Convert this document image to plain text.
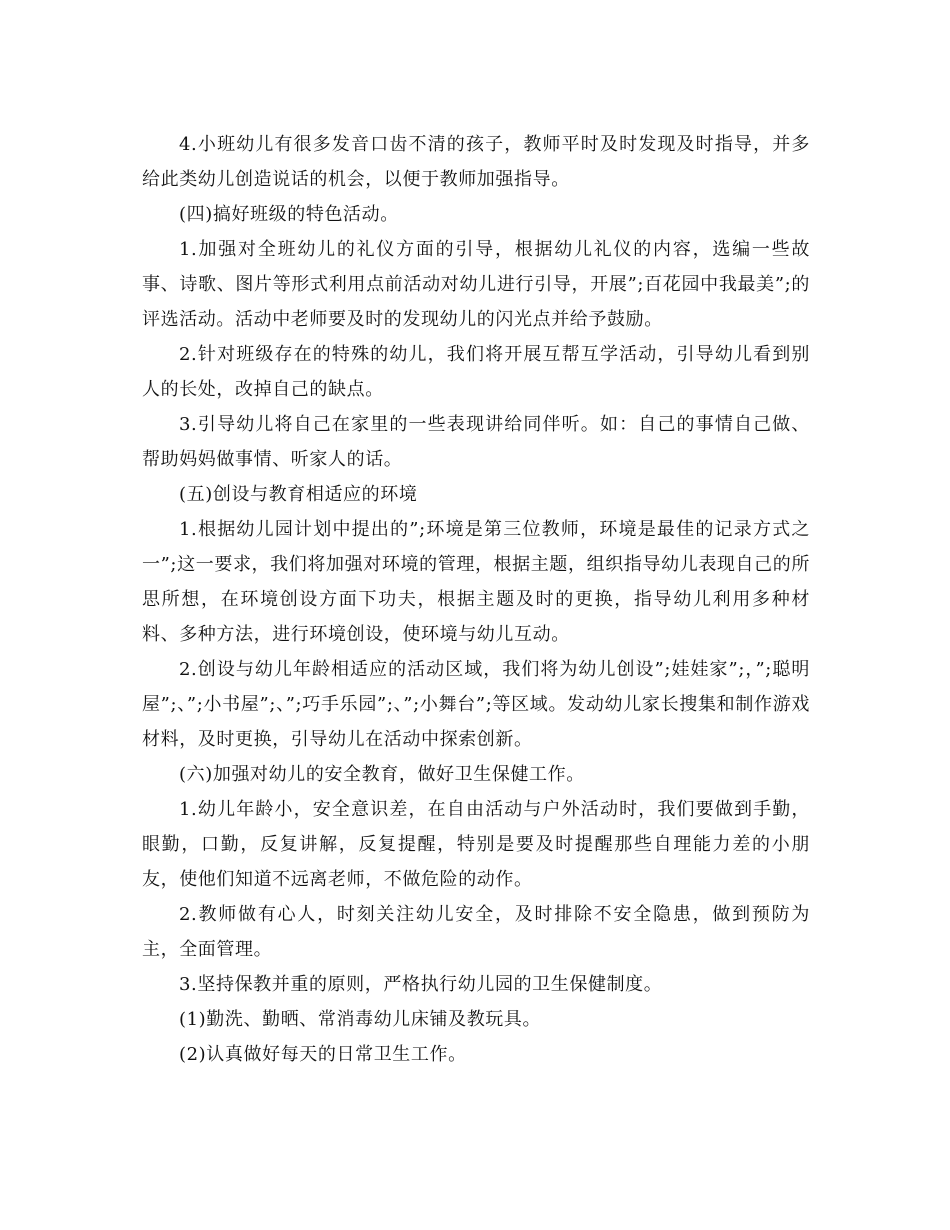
4.小班幼儿有很多发音口齿不清的孩子，教师平时及时发现及时指导，并多给此类幼儿创造说话的机会，以便于教师加强指导。

(四)搞好班级的特色活动。

1.加强对全班幼儿的礼仪方面的引导，根据幼儿礼仪的内容，选编一些故事、诗歌、图片等形式利用点前活动对幼儿进行引导，开展”;百花园中我最美”;的评选活动。活动中老师要及时的发现幼儿的闪光点并给予鼓励。

2.针对班级存在的特殊的幼儿，我们将开展互帮互学活动，引导幼儿看到别人的长处，改掉自己的缺点。

3.引导幼儿将自己在家里的一些表现讲给同伴听。如：自己的事情自己做、帮助妈妈做事情、听家人的话。

(五)创设与教育相适应的环境

1.根据幼儿园计划中提出的”;环境是第三位教师，环境是最佳的记录方式之一”;这一要求，我们将加强对环境的管理，根据主题，组织指导幼儿表现自己的所思所想，在环境创设方面下功夫，根据主题及时的更换，指导幼儿利用多种材料、多种方法，进行环境创设，使环境与幼儿互动。

2.创设与幼儿年龄相适应的活动区域，我们将为幼儿创设”;娃娃家”;，”;聪明屋”;、”;小书屋”;、”;巧手乐园”;、”;小舞台”;等区域。发动幼儿家长搜集和制作游戏材料，及时更换，引导幼儿在活动中探索创新。

(六)加强对幼儿的安全教育，做好卫生保健工作。

1.幼儿年龄小，安全意识差，在自由活动与户外活动时，我们要做到手勤，眼勤，口勤，反复讲解，反复提醒，特别是要及时提醒那些自理能力差的小朋友，使他们知道不远离老师，不做危险的动作。

2.教师做有心人，时刻关注幼儿安全，及时排除不安全隐患，做到预防为主，全面管理。

3.坚持保教并重的原则，严格执行幼儿园的卫生保健制度。

(1)勤洗、勤晒、常消毒幼儿床铺及教玩具。

(2)认真做好每天的日常卫生工作。
